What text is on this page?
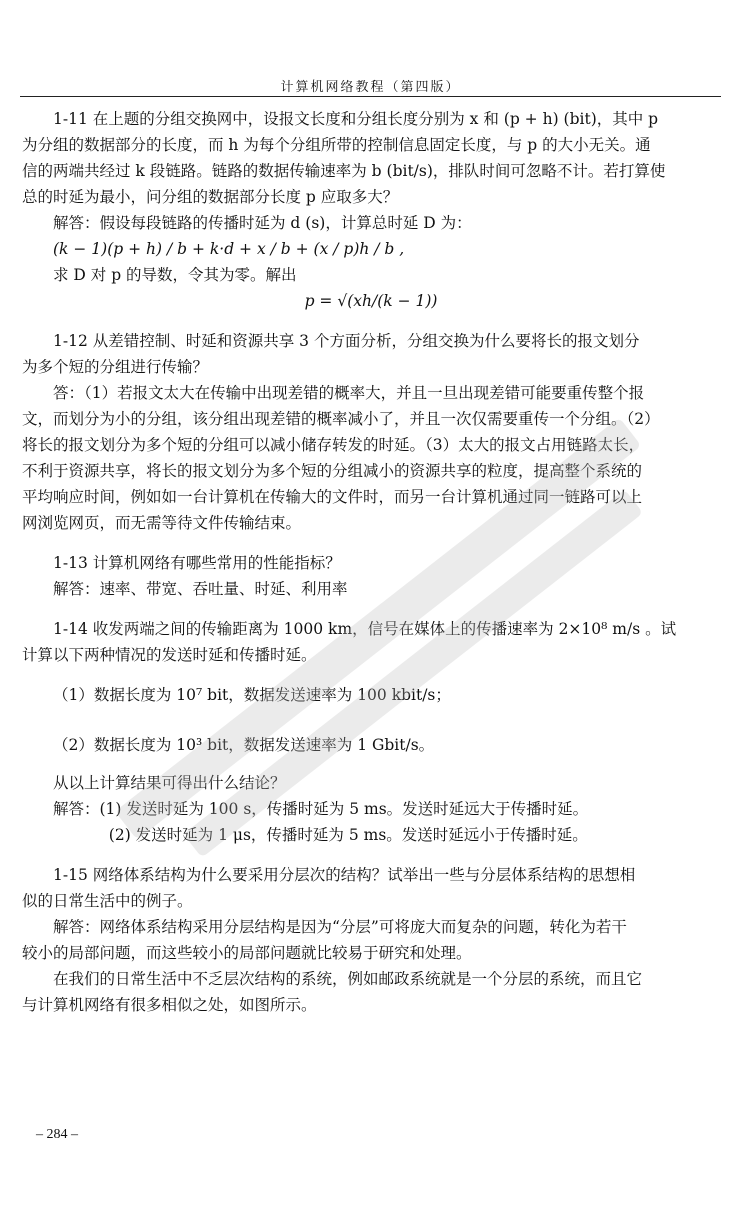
计算机网络教程（第四版）

1-11 在上题的分组交换网中，设报文长度和分组长度分别为 x 和 (p + h) (bit)，其中 p

为分组的数据部分的长度，而 h 为每个分组所带的控制信息固定长度，与 p 的大小无关。通

信的两端共经过 k 段链路。链路的数据传输速率为 b (bit/s)，排队时间可忽略不计。若打算使

总的时延为最小，问分组的数据部分长度 p 应取多大？

解答：假设每段链路的传播时延为 d (s)，计算总时延 D 为：

(k − 1)(p + h) / b + k·d + x / b + (x / p)h / b ,

求 D 对 p 的导数，令其为零。解出

p = √(xh/(k − 1))

1-12 从差错控制、时延和资源共享 3 个方面分析，分组交换为什么要将长的报文划分

为多个短的分组进行传输？

答：（1）若报文太大在传输中出现差错的概率大，并且一旦出现差错可能要重传整个报

文，而划分为小的分组，该分组出现差错的概率减小了，并且一次仅需要重传一个分组。（2）

将长的报文划分为多个短的分组可以减小储存转发的时延。（3）太大的报文占用链路太长，

不利于资源共享，将长的报文划分为多个短的分组减小的资源共享的粒度，提高整个系统的

平均响应时间，例如如一台计算机在传输大的文件时，而另一台计算机通过同一链路可以上

网浏览网页，而无需等待文件传输结束。

1-13 计算机网络有哪些常用的性能指标？

解答：速率、带宽、吞吐量、时延、利用率

1-14 收发两端之间的传输距离为 1000 km，信号在媒体上的传播速率为 2×10⁸ m/s 。试

计算以下两种情况的发送时延和传播时延。

（1）数据长度为 10⁷ bit，数据发送速率为 100 kbit/s；

（2）数据长度为 10³ bit，数据发送速率为 1 Gbit/s。

从以上计算结果可得出什么结论？

解答：(1) 发送时延为 100 s，传播时延为 5 ms。发送时延远大于传播时延。

(2) 发送时延为 1 μs，传播时延为 5 ms。发送时延远小于传播时延。

1-15 网络体系结构为什么要采用分层次的结构？试举出一些与分层体系结构的思想相

似的日常生活中的例子。

解答：网络体系结构采用分层结构是因为“分层”可将庞大而复杂的问题，转化为若干

较小的局部问题，而这些较小的局部问题就比较易于研究和处理。

在我们的日常生活中不乏层次结构的系统，例如邮政系统就是一个分层的系统，而且它

与计算机网络有很多相似之处，如图所示。

– 284 –
